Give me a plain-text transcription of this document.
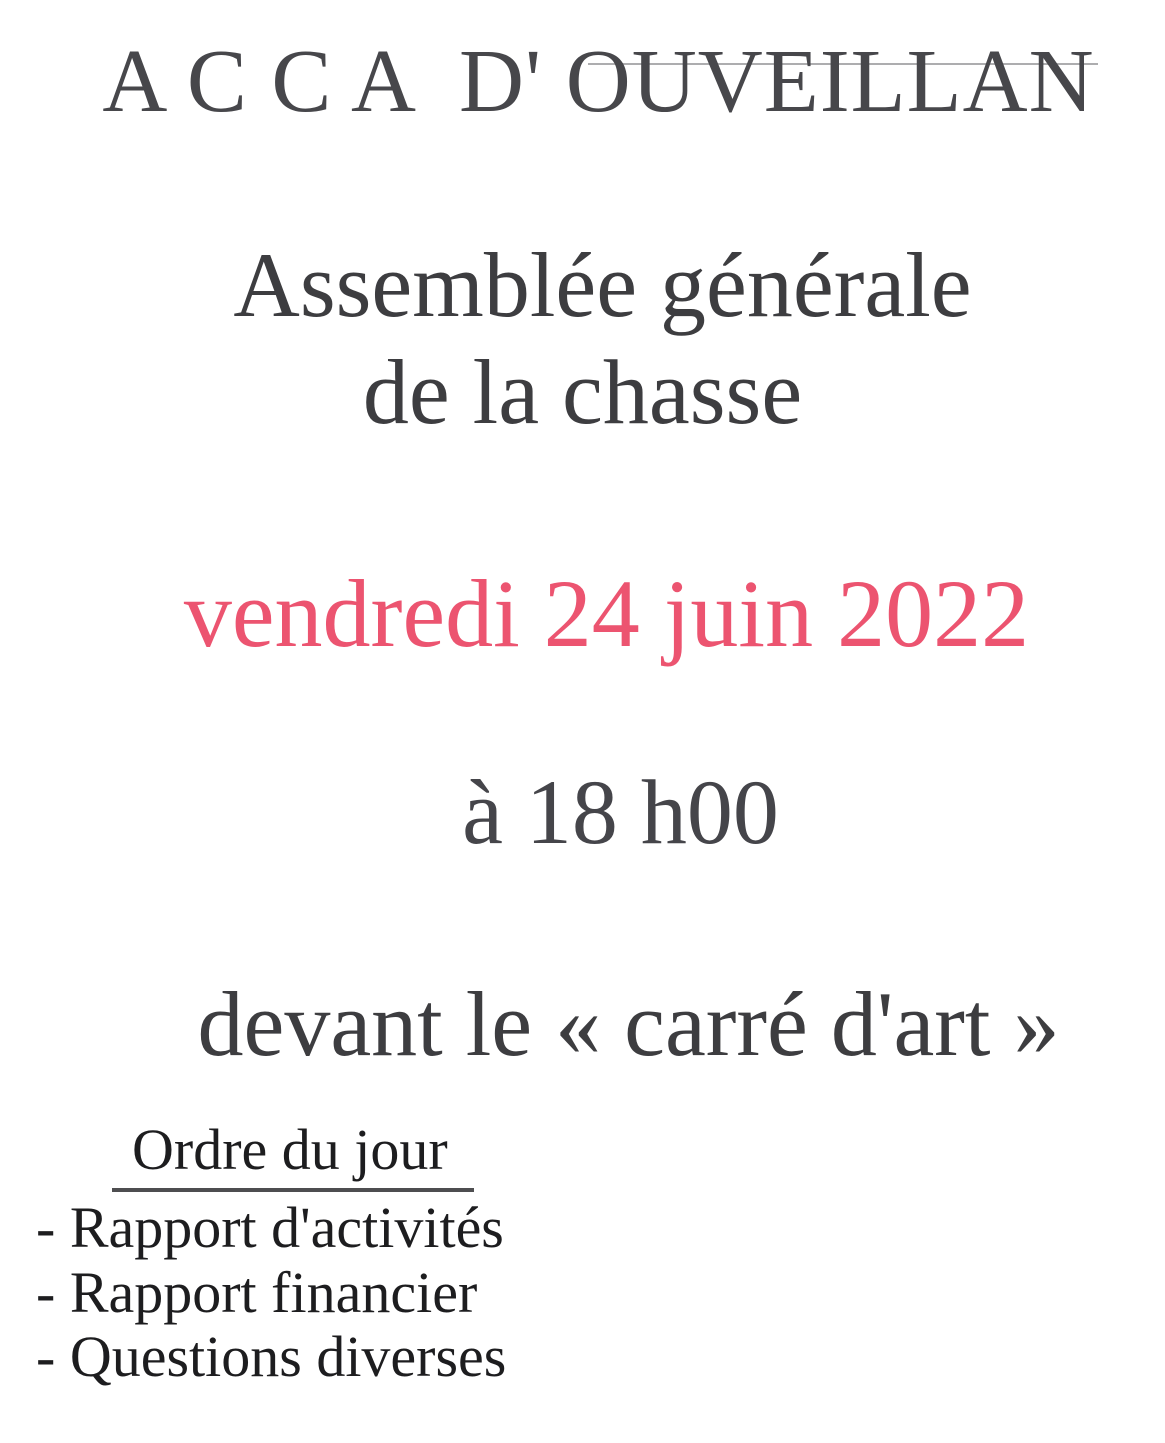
A C C A  D' OUVEILLAN
Assemblée générale
de la chasse
vendredi 24 juin 2022
à 18 h00
devant le « carré d'art »
Ordre du jour
- Rapport d'activités
- Rapport financier
- Questions diverses
